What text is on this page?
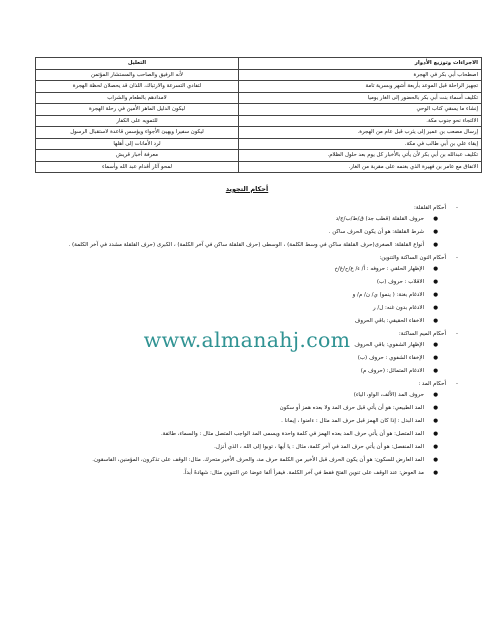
الاجراءات وتوزيع الأدوار	التعليل
اصطحاب أبي بكر في الهجرة	لأنه الرفيق والصاحب والمستشار المؤتمن
تجهيز الراحلة قبل الموعد بأربعة أشهر وبسرية تامة	لتفادي التسرعة والارتباك، اللذان قد يحصلان لحظة الهجرة
تكليف أسماء بنت أبي بكر بالحضور إلى الغار يوميا	لامدادهم بالطعام والشراب
إنشاء ما يسقي كتاب الوحي	ليكون الدليل الماهر الأمين في رحلة الهجرة
الالتجاء نحو جنوب مكة.	للتمويه على الكفار
إرسال مصعب بن عمير إلى يثرب قبل عام من الهجرة.	ليكون سفيرا ويهيئ الأجواء ويؤسس قاعدة لاستقبال الرسول
إبقاء علي بن أبي طالب في مكة.	لرد الأمانات إلى أهلها
تكليف عبدالله بن أبي بكر لأن يأتي بالأخبار كل يوم بعد حلول الظلام.	معرفة أخبار قريش
الاتفاق مع عامر بن فهيرة الذي بغنمه على مقربة من الغار.	لمحو آثار أقدام عبد الله وأسماء
أحكام التجويد
www.almanahj.com
-
أحكام القلقلة:
●
حروف القلقلة (قطب جد) ق/ط/ب/ج/د
●
شرط القلقلة: هو أن يكون الحرف ساكن .
●
أنواع القلقلة: الصغرى(حرف القلقلة ساكن في وسط الكلمة) ، الوسطى (حرف القلقلة ساكن في آخر الكلمة) ، الكبرى (حرف القلقلة مشدد في آخر الكلمة) .
-
أحكام النون الساكنة والتنوين:
●
الإظهار الحلقي : حروفه : أ/ ء/ ع/ح/غ/خ
●
الاقلاب : حروف (ب)
●
الادغام بغنة: ( ينمو) ي/ ن/ م/ و
●
الادغام بدون غنه: ل/ ر
●
الاخفاء الحقيقي: باقي الحروف
-
أحكام الميم الساكنة:
●
الإظهار الشفوي: باقي الحروف
●
الإخفاء الشفوي : حروف (ب)
●
الادغام المتماثل: (حروف م)
-
أحكام المد :
●
حروف المد (الألف، الواو، الياء)
●
المد الطبيعي: هو أن يأتي قبل حرف المد ولا بعده همز أو سكون
●
المد البدل : إذا كان الهمز قبل حرف المد مثال : ءامنوا ، إيمانا .
●
المد المتصل: هو أن يأتي حرف المد بعده الهمز في كلمة واحدة ويسمى المد الواجب المتصل مثال : والسماء، طائفة.
●
المد المنفصل: هو أن يأتي حرف المد في آخر كلمة، مثال : يا أيها ، توبوا إلى الله ، الذي أنزل.
●
المد العارض للسكون: هو أن يكون الحرف قبل الأخير من الكلمة حرف مد، والحرف الأخير متحرك. مثال: الوقف على تذكرون، المؤمنين، الفاسقون.
●
مد العوض: عند الوقف على تنوين الفتح فقط في آخر الكلمة. فيقرأ ألفا عوضا عن التنوين مثال: شهادةً أبداً.
